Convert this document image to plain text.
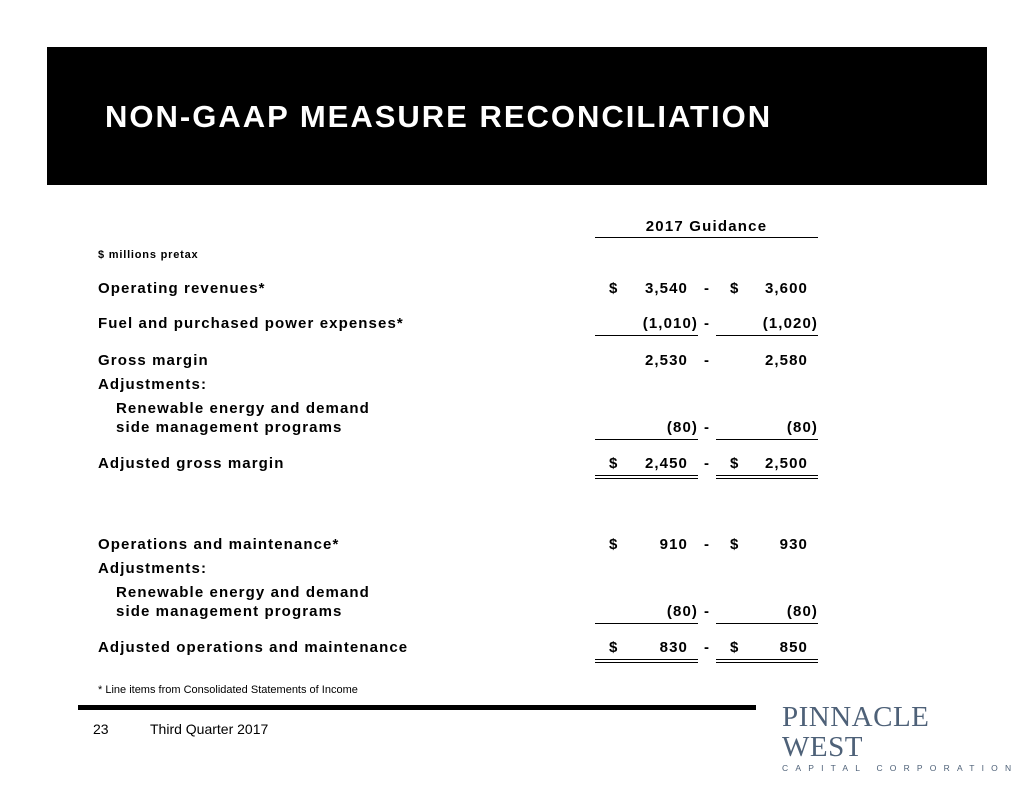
NON-GAAP MEASURE RECONCILIATION
2017 Guidance
$ millions pretax
Operating revenues*	$ 3,540	-	$ 3,600
Fuel and purchased power expenses*	(1,010) -	(1,020)
Gross margin	2,530	-	2,580
Adjustments:
Renewable energy and demand
side management programs	(80) -	(80)
Adjusted gross margin	$ 2,450	-	$ 2,500
Operations and maintenance*	$	910	-	$	930
Adjustments:
Renewable energy and demand
side management programs	(80) -	(80)
Adjusted operations and maintenance	$	830	-	$	850
* Line items from Consolidated Statements of Income
23	Third Quarter 2017	PINNACLE WEST
CAPITAL CORPORATION
